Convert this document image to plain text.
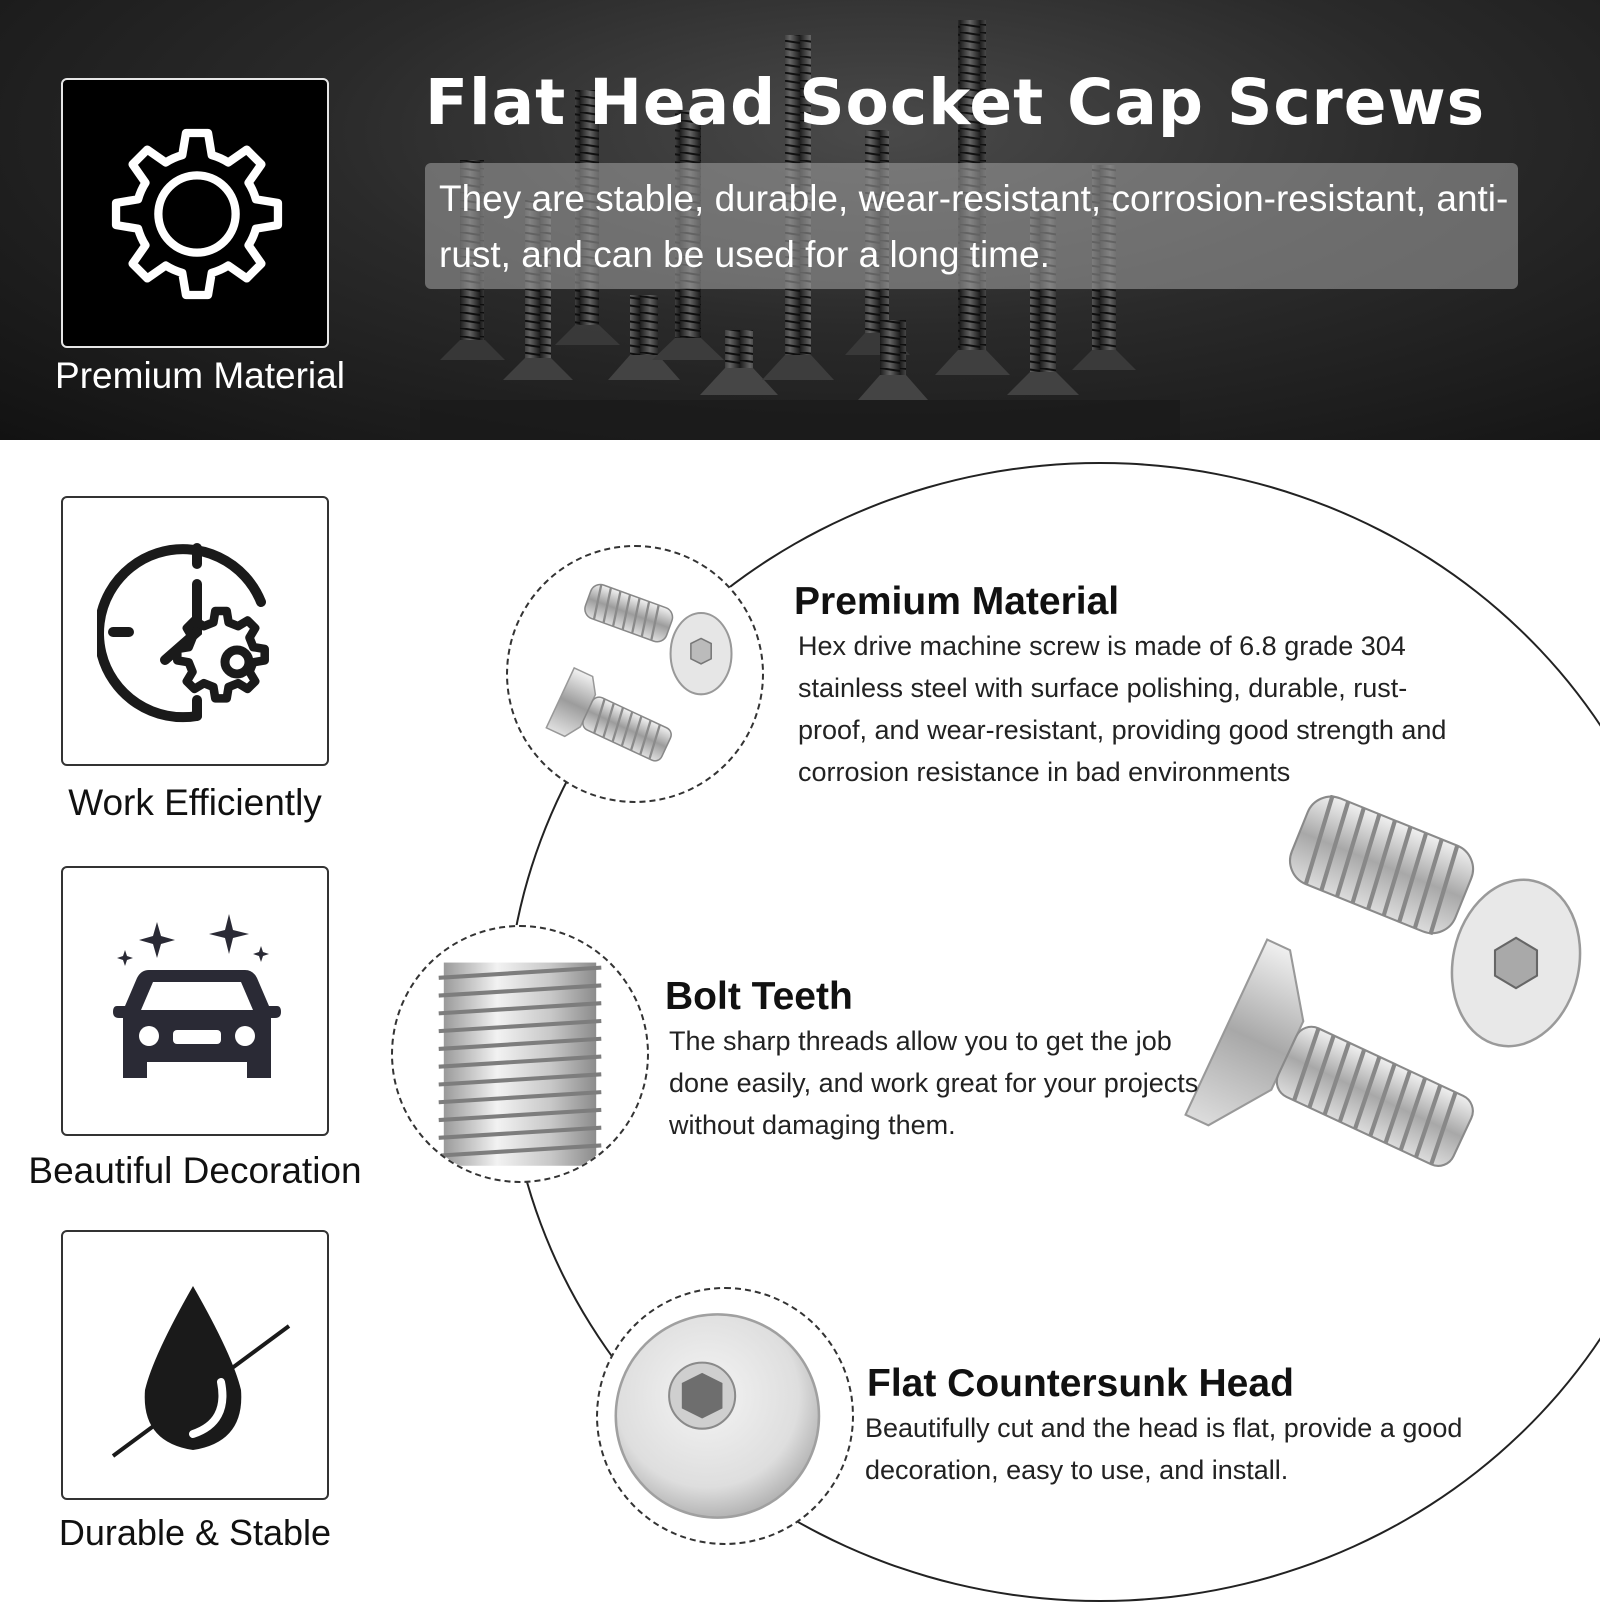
Premium Material
Flat Head Socket Cap Screws
They are stable, durable, wear-resistant, corrosion-resistant, anti-rust, and can be used for a long time.
Work Efficiently
Beautiful Decoration
Durable & Stable
Premium Material
Hex drive machine screw is made of 6.8 grade 304 stainless steel with surface polishing, durable, rust-proof, and wear-resistant, providing good strength and corrosion resistance in bad environments
Bolt Teeth
The sharp threads allow you to get the job done easily, and work great for your projects without damaging them.
Flat Countersunk Head
Beautifully cut and the head is flat, provide a good decoration, easy to use, and install.
